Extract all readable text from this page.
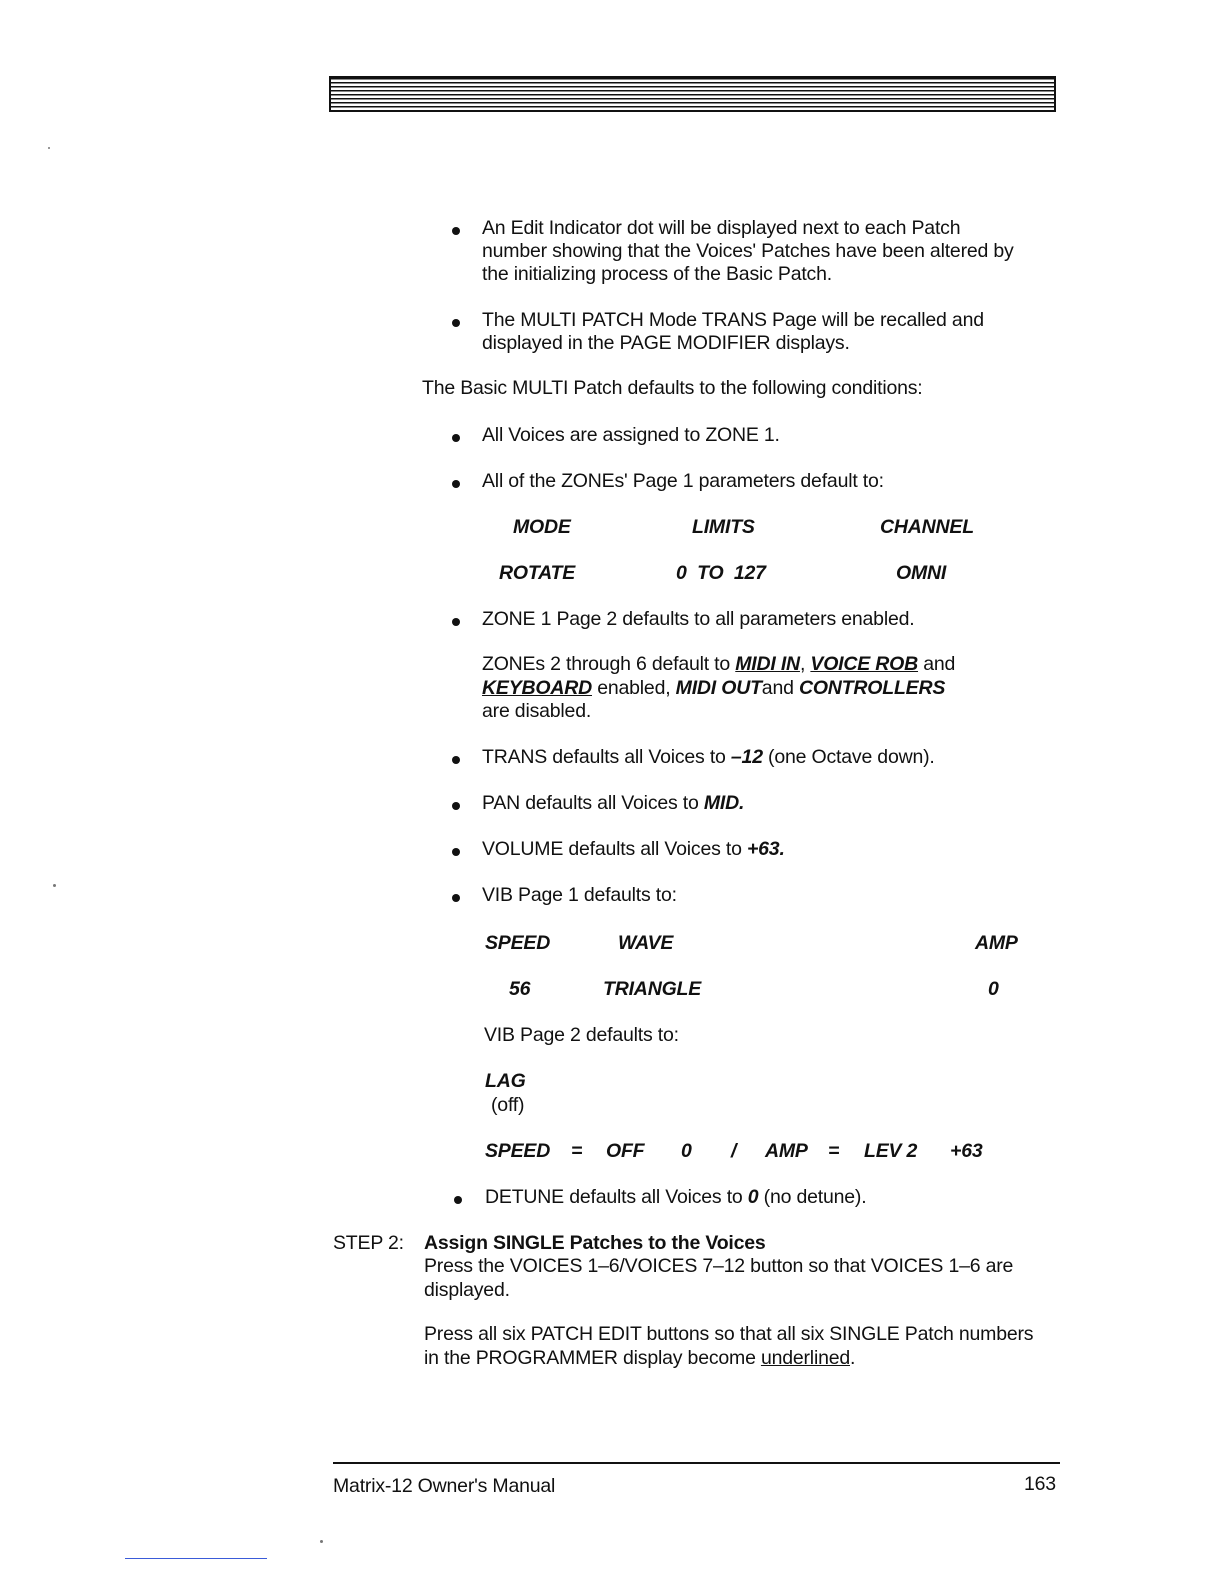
An Edit Indicator dot will be displayed next to each Patch
number showing that the Voices' Patches have been altered by
the initializing process of the Basic Patch.
The MULTI PATCH Mode TRANS Page will be recalled and
displayed in the PAGE MODIFIER displays.
The Basic MULTI Patch defaults to the following conditions:
All Voices are assigned to ZONE 1.
All of the ZONEs' Page 1 parameters default to:
MODE	LIMITS	CHANNEL
ROTATE	0  TO  127	OMNI
ZONE 1 Page 2 defaults to all parameters enabled.
ZONEs 2 through 6 default to MIDI IN, VOICE ROB and
KEYBOARD enabled, MIDI OUTand CONTROLLERS
are disabled.
TRANS defaults all Voices to –12 (one Octave down).
PAN defaults all Voices to MID.
VOLUME defaults all Voices to +63.
VIB Page 1 defaults to:
SPEED	WAVE	AMP
56	TRIANGLE	0
VIB Page 2 defaults to:
LAG
(off)
SPEED = OFF 0 / AMP = LEV 2 +63
DETUNE defaults all Voices to 0 (no detune).
STEP 2: Assign SINGLE Patches to the Voices
Press the VOICES 1–6/VOICES 7–12 button so that VOICES 1–6 are
displayed.
Press all six PATCH EDIT buttons so that all six SINGLE Patch numbers
in the PROGRAMMER display become underlined.
Matrix-12 Owner's Manual	163
